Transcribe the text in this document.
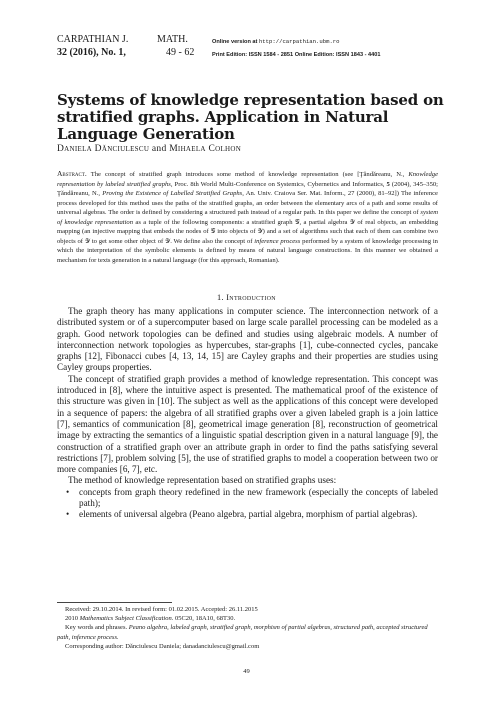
CARPATHIAN J.
32 (2016), No. 1,
MATH.
49 - 62
Online version at http://carpathian.ubm.ro
Print Edition: ISSN 1584 - 2851 Online Edition: ISSN 1843 - 4401
Systems of knowledge representation based on stratified graphs. Application in Natural Language Generation
Daniela Dănciulescu and Mihaela Colhon
Abstract. The concept of stratified graph introduces some method of knowledge representation (see [Ţăndăreanu, N., Knowledge representation by labeled stratified graphs, Proc. 8th World Multi-Conference on Systemics, Cybernetics and Informatics, 5 (2004), 345–350; Ţăndăreanu, N., Proving the Existence of Labelled Stratified Graphs, An. Univ. Craiova Ser. Mat. Inform., 27 (2000), 81–92]) The inference process developed for this method uses the paths of the stratified graphs, an order between the elementary arcs of a path and some results of universal algebras. The order is defined by considering a structured path instead of a regular path. In this paper we define the concept of system of knowledge representation as a tuple of the following components: a stratified graph 𝒢, a partial algebra 𝒴 of real objects, an embedding mapping (an injective mapping that embeds the nodes of 𝒢 into objects of 𝒴) and a set of algorithms such that each of them can combine two objects of 𝒴 to get some other object of 𝒴. We define also the concept of inference process performed by a system of knowledge processing in which the interpretation of the symbolic elements is defined by means of natural language constructions. In this manner we obtained a mechanism for texts generation in a natural language (for this approach, Romanian).
1. Introduction

The graph theory has many applications in computer science. The interconnection network of a distributed system or of a supercomputer based on large scale parallel processing can be modeled as a graph. Good network topologies can be defined and studies using algebraic models. A number of interconnection network topologies as hypercubes, star-graphs [1], cube-connected cycles, pancake graphs [12], Fibonacci cubes [4, 13, 14, 15] are Cayley graphs and their properties are studies using Cayley groups properties.

The concept of stratified graph provides a method of knowledge representation. This concept was introduced in [8], where the intuitive aspect is presented. The mathematical proof of the existence of this structure was given in [10]. The subject as well as the applications of this concept were developed in a sequence of papers: the algebra of all stratified graphs over a given labeled graph is a join lattice [7], semantics of communication [8], geometrical image generation [8], reconstruction of geometrical image by extracting the semantics of a linguistic spatial description given in a natural language [9], the construction of a stratified graph over an attribute graph in order to find the paths satisfying several restrictions [7], problem solving [5], the use of stratified graphs to model a cooperation between two or more companies [6, 7], etc.

The method of knowledge representation based on stratified graphs uses:

• concepts from graph theory redefined in the new framework (especially the concepts of labeled path);
• elements of universal algebra (Peano algebra, partial algebra, morphism of partial algebras).
Received: 29.10.2014. In revised form: 01.02.2015. Accepted: 26.11.2015
2010 Mathematics Subject Classification. 05C20, 18A10, 68T30.
Key words and phrases. Peano algebra, labeled graph, stratified graph, morphism of partial algebras, structured path, accepted structured path, inference process.
Corresponding author: Dănciulescu Daniela; danadanciulescu@gmail.com
49
